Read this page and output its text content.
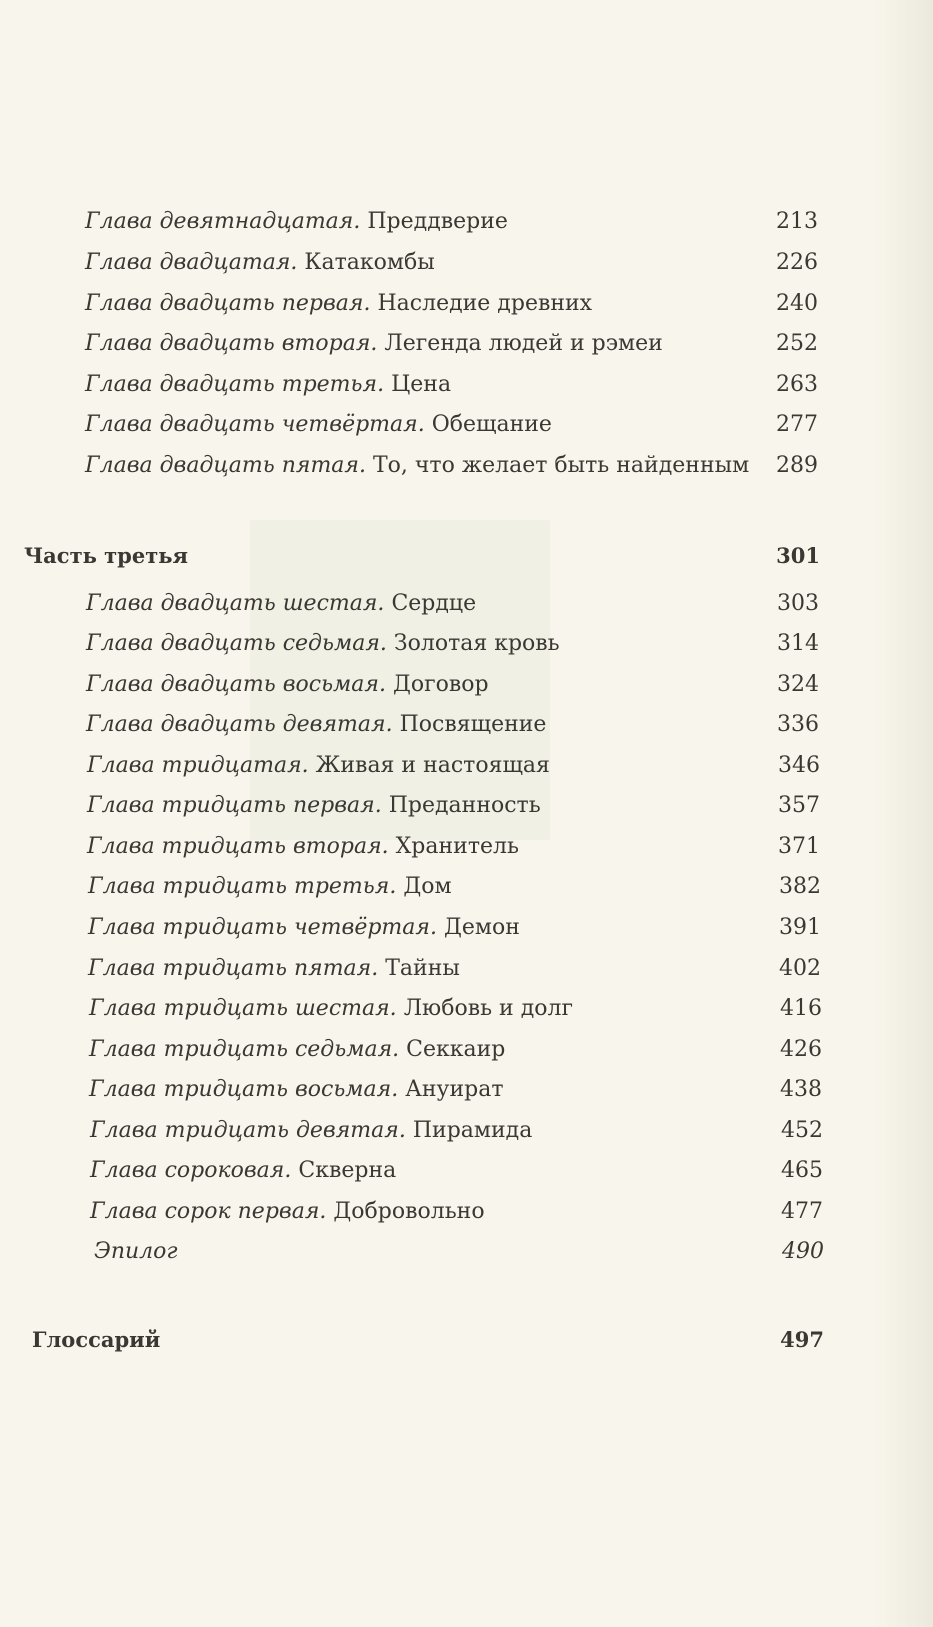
Глава девятнадцатая. Преддверие	213
Глава двадцатая. Катакомбы	226
Глава двадцать первая. Наследие древних	240
Глава двадцать вторая. Легенда людей и рэмеи	252
Глава двадцать третья. Цена	263
Глава двадцать четвёртая. Обещание	277
Глава двадцать пятая. То, что желает быть найденным 289
Часть третья	301
Глава двадцать шестая. Сердце	303
Глава двадцать седьмая. Золотая кровь	314
Глава двадцать восьмая. Договор	324
Глава двадцать девятая. Посвящение	336
Глава тридцатая. Живая и настоящая	346
Глава тридцать первая. Преданность	357
Глава тридцать вторая. Хранитель	371
Глава тридцать третья. Дом	382
Глава тридцать четвёртая. Демон	391
Глава тридцать пятая. Тайны	402
Глава тридцать шестая. Любовь и долг	416
Глава тридцать седьмая. Секкаир	426
Глава тридцать восьмая. Ануират	438
Глава тридцать девятая. Пирамида	452
Глава сороковая. Скверна	465
Глава сорок первая. Добровольно	477
Эпилог	490
Глоссарий	497
